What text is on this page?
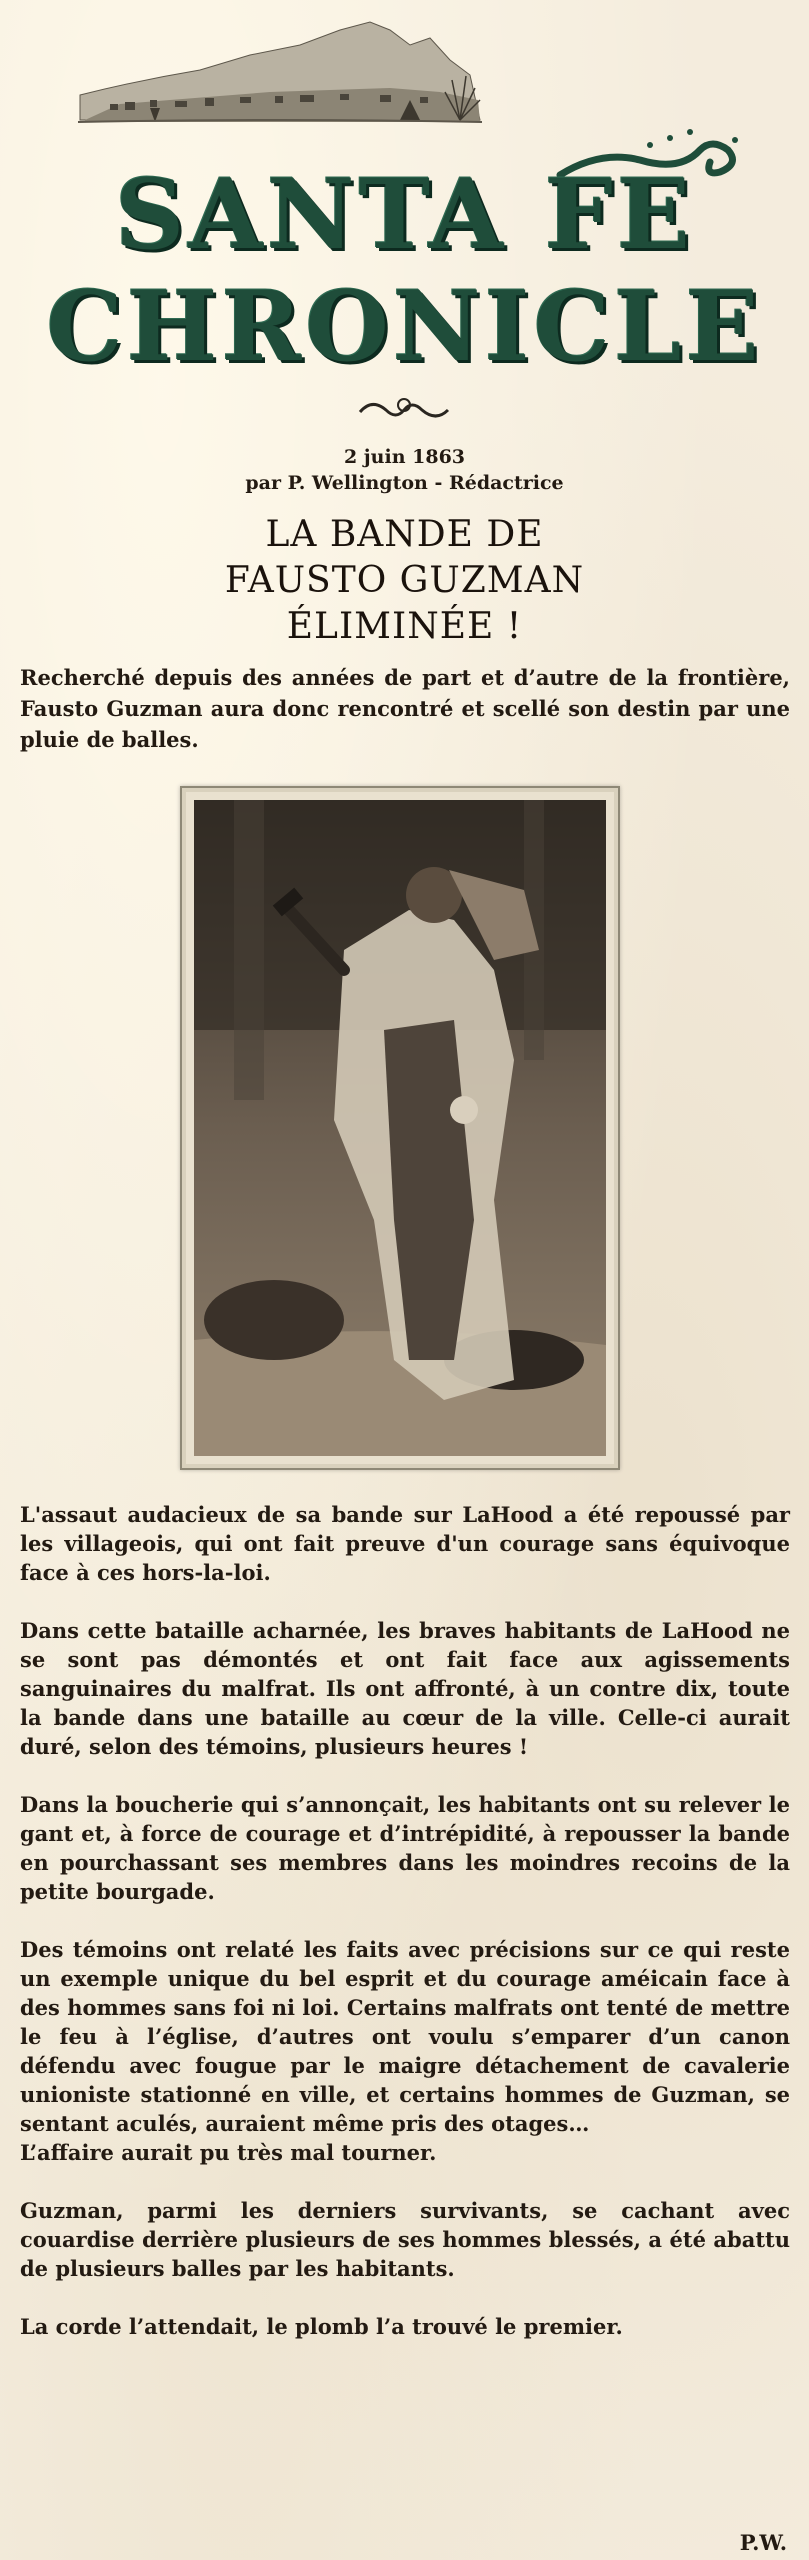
SANTA FE
CHRONICLE
2 juin 1863
par P. Wellington - Rédactrice
LA BANDE DE
FAUSTO GUZMAN
ÉLIMINÉE !
Recherché depuis des années de part et d’autre de la frontière, Fausto Guzman aura donc rencontré et scellé son destin par une pluie de balles.

L'assaut audacieux de sa bande sur LaHood a été repoussé par les villageois, qui ont fait preuve d'un courage sans équivoque face à ces hors-la-loi.

Dans cette bataille acharnée, les braves habitants de LaHood ne se sont pas démontés et ont fait face aux agissements sanguinaires du malfrat. Ils ont affronté, à un contre dix, toute la bande dans une bataille au cœur de la ville. Celle-ci aurait duré, selon des témoins, plusieurs heures !

Dans la boucherie qui s’annonçait, les habitants ont su relever le gant et, à force de courage et d’intrépidité, à repousser la bande en pourchassant ses membres dans les moindres recoins de la petite bourgade.

Des témoins ont relaté les faits avec précisions sur ce qui reste un exemple unique du bel esprit et du courage améicain face à des hommes sans foi ni loi. Certains malfrats ont tenté de mettre le feu à l’église, d’autres ont voulu s’emparer d’un canon défendu avec fougue par le maigre détachement de cavalerie unioniste stationné en ville, et certains hommes de Guzman, se sentant aculés, auraient même pris des otages…
L’affaire aurait pu très mal tourner.

Guzman, parmi les derniers survivants, se cachant avec couardise derrière plusieurs de ses hommes blessés, a été abattu de plusieurs balles par les habitants.

La corde l’attendait, le plomb l’a trouvé le premier.

P.W.
